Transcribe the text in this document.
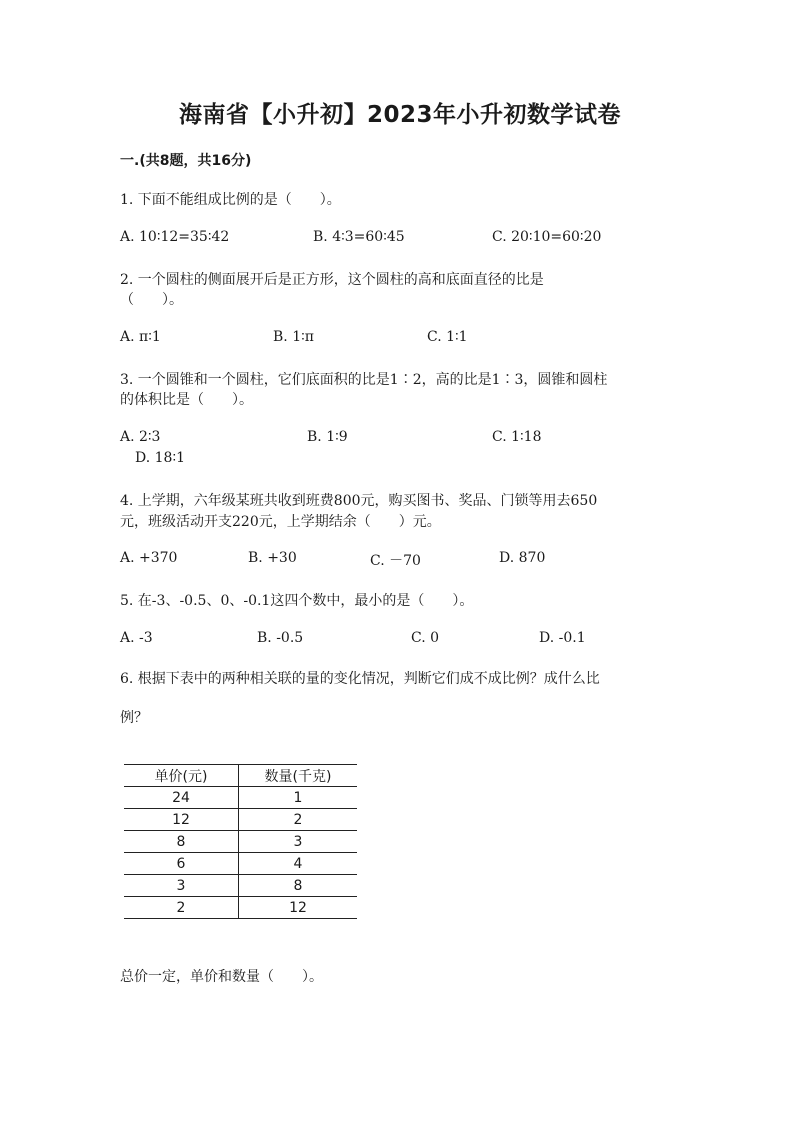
海南省【小升初】2023年小升初数学试卷
一.(共8题，共16分)
1. 下面不能组成比例的是（　　）。
A. 10∶12=35∶42	B. 4∶3=60∶45	C. 20∶10=60∶20
2. 一个圆柱的侧面展开后是正方形，这个圆柱的高和底面直径的比是
（　　）。
A. π∶1	B. 1∶π	C. 1∶1
3. 一个圆锥和一个圆柱，它们底面积的比是1∶2，高的比是1∶3，圆锥和圆柱
的体积比是（　　）。
A. 2∶3	B. 1∶9	C. 1∶18
D. 18∶1
4. 上学期，六年级某班共收到班费800元，购买图书、奖品、门锁等用去650
元，班级活动开支220元，上学期结余（　　）元。
A. +370	B. +30	C. －70	D. 870
5. 在-3、-0.5、0、-0.1这四个数中，最小的是（　　）。
A. -3	B. -0.5	C. 0	D. -0.1
6. 根据下表中的两种相关联的量的变化情况，判断它们成不成比例？成什么比
例？
单价(元)	数量(千克)
24	1
12	2
8	3
6	4
3	8
2	12
总价一定，单价和数量（　　）。
